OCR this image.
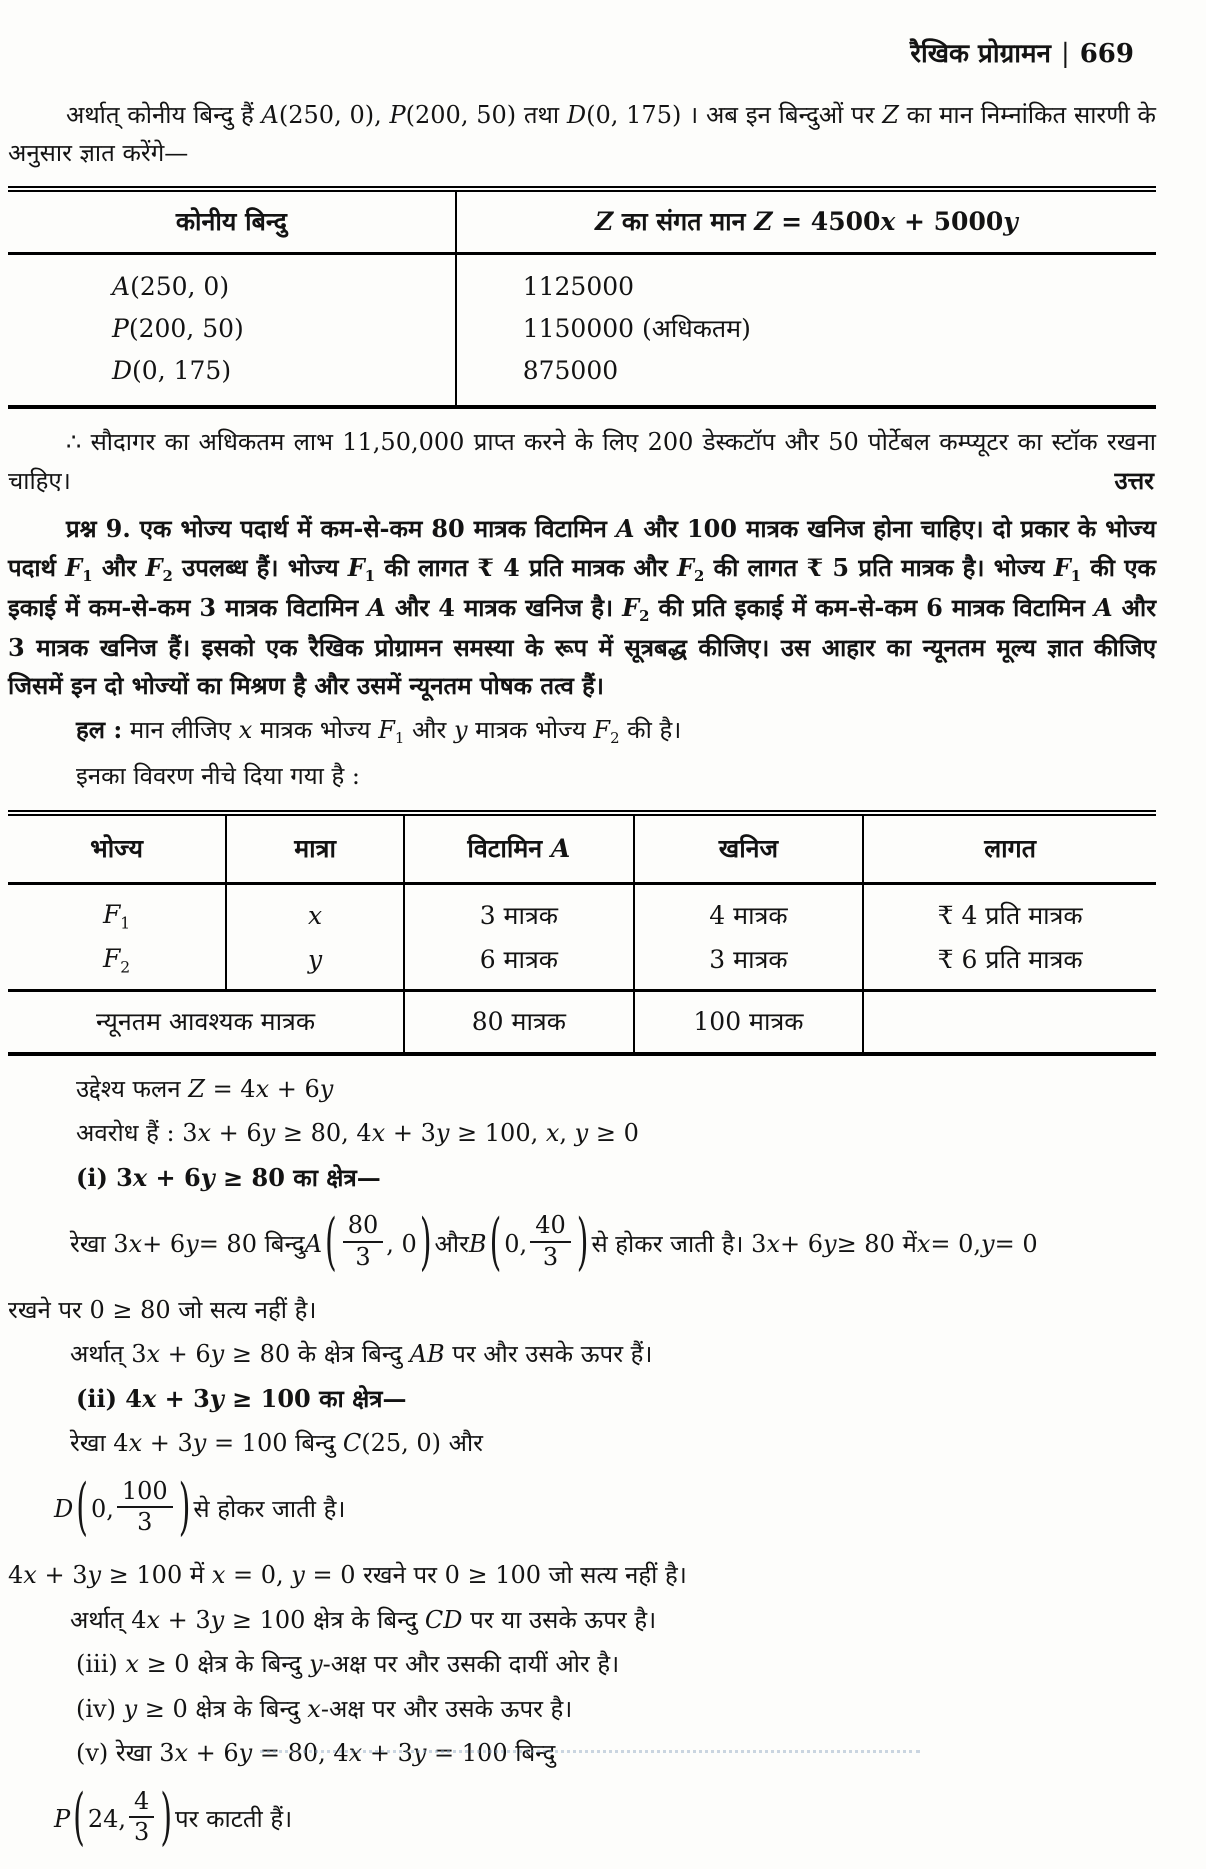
रैखिक प्रोग्रामन | 669

अर्थात् कोनीय बिन्दु हैं A(250, 0), P(200, 50) तथा D(0, 175) । अब इन बिन्दुओं पर Z का मान निम्नांकित सारणी के अनुसार ज्ञात करेंगे—

कोनीय बिन्दु	Z का संगत मान Z = 4500x + 5000y
A(250, 0)	1125000
P(200, 50)	1150000 (अधिकतम)
D(0, 175)	875000

∴ सौदागर का अधिकतम लाभ 11,50,000 प्राप्त करने के लिए 200 डेस्कटॉप और 50 पोर्टेबल कम्प्यूटर का स्टॉक रखना चाहिए।	उत्तर

प्रश्न 9. एक भोज्य पदार्थ में कम-से-कम 80 मात्रक विटामिन A और 100 मात्रक खनिज होना चाहिए। दो प्रकार के भोज्य पदार्थ $F_1$ और $F_2$ उपलब्ध हैं। भोज्य $F_1$ की लागत ₹ 4 प्रति मात्रक और $F_2$ की लागत ₹ 5 प्रति मात्रक है। भोज्य $F_1$ की एक इकाई में कम-से-कम 3 मात्रक विटामिन A और 4 मात्रक खनिज है। $F_2$ की प्रति इकाई में कम-से-कम 6 मात्रक विटामिन A और 3 मात्रक खनिज हैं। इसको एक रैखिक प्रोग्रामन समस्या के रूप में सूत्रबद्ध कीजिए। उस आहार का न्यूनतम मूल्य ज्ञात कीजिए जिसमें इन दो भोज्यों का मिश्रण है और उसमें न्यूनतम पोषक तत्व हैं।

हल : मान लीजिए x मात्रक भोज्य $F_1$ और y मात्रक भोज्य $F_2$ की है।
इनका विवरण नीचे दिया गया है :
भोज्य	मात्रा	विटामिन A	खनिज	लागत
$F_1$	x	3 मात्रक	4 मात्रक	₹ 4 प्रति मात्रक
$F_2$	y	6 मात्रक	3 मात्रक	₹ 6 प्रति मात्रक
न्यूनतम आवश्यक मात्रक		80 मात्रक	100 मात्रक	
उद्देश्य फलन Z = 4x + 6y
अवरोध हैं : 3x + 6y ≥ 80, 4x + 3y ≥ 100, x, y ≥ 0
(i) 3x + 6y ≥ 80 का क्षेत्र—
रेखा 3 x + 6 y = 80 बिन्दु A ( $\frac{80}{3}$ , 0 ) और B ( 0, $\frac{40}{3}$ ) से होकर जाती है। 3 x + 6 y ≥ 80 में x = 0, y = 0
रखने पर 0 ≥ 80 जो सत्य नहीं है।
अर्थात् 3x + 6y ≥ 80 के क्षेत्र बिन्दु AB पर और उसके ऊपर हैं।
(ii) 4x + 3y ≥ 100 का क्षेत्र—
रेखा 4x + 3y = 100 बिन्दु C(25, 0) और
D ( 0, $\frac{100}{3}$ ) से होकर जाती है।
4x + 3y ≥ 100 में x = 0, y = 0 रखने पर 0 ≥ 100 जो सत्य नहीं है।
अर्थात् 4x + 3y ≥ 100 क्षेत्र के बिन्दु CD पर या उसके ऊपर है।
(iii) x ≥ 0 क्षेत्र के बिन्दु y-अक्ष पर और उसकी दायीं ओर है।
(iv) y ≥ 0 क्षेत्र के बिन्दु x-अक्ष पर और उसके ऊपर है।
(v) रेखा 3x + 6y = 80, 4x + 3y = 100 बिन्दु
P ( 24, $\frac{4}{3}$ ) पर काटती हैं।
